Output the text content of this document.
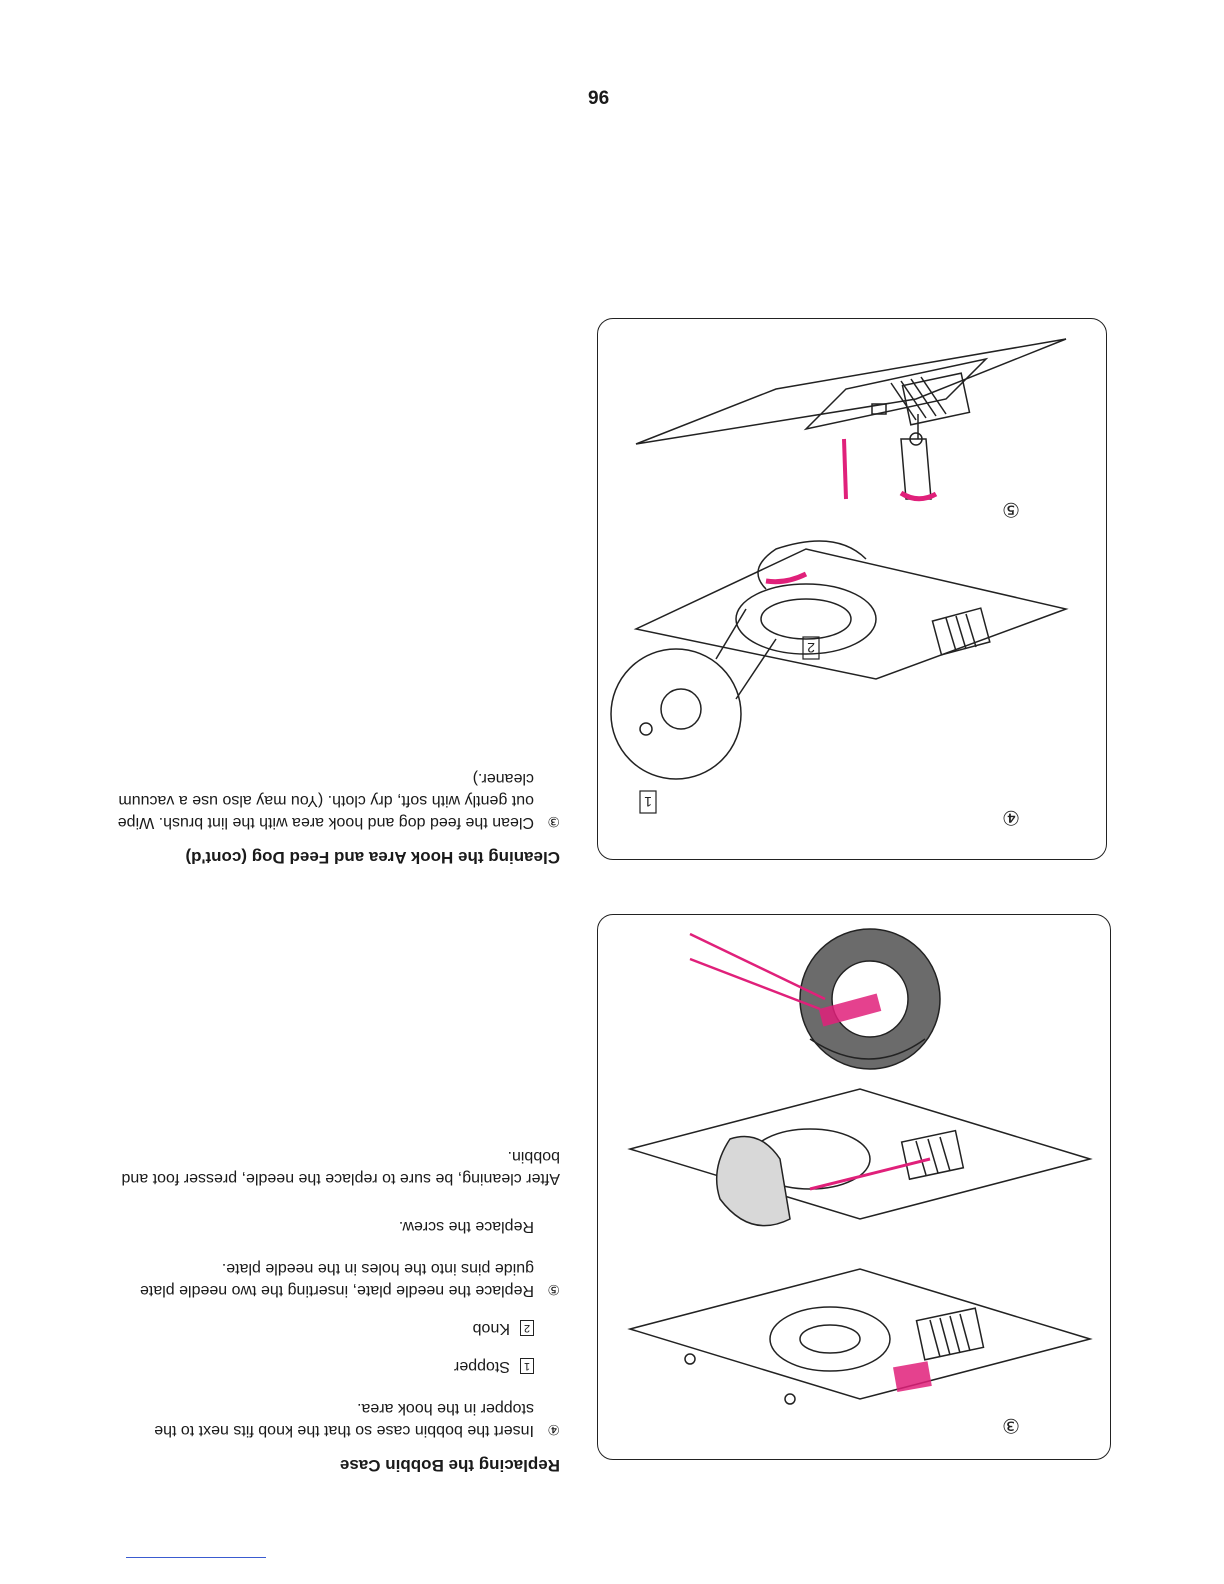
96
Replacing the Bobbin Case
④
Insert the bobbin case so that the knob fits next to the stopper in the hook area.
1
Stopper
2
Knob
⑤
Replace the needle plate, inserting the two needle plate guide pins into the holes in the needle plate.
Replace the screw.
After cleaning, be sure to replace the needle, presser foot and bobbin.
Cleaning the Hook Area and Feed Dog (cont'd)
③
Clean the feed dog and hook area with the lint brush. Wipe out gently with soft, dry cloth. (You may also use a vacuum cleaner.)
④
⑤
1
2
③
